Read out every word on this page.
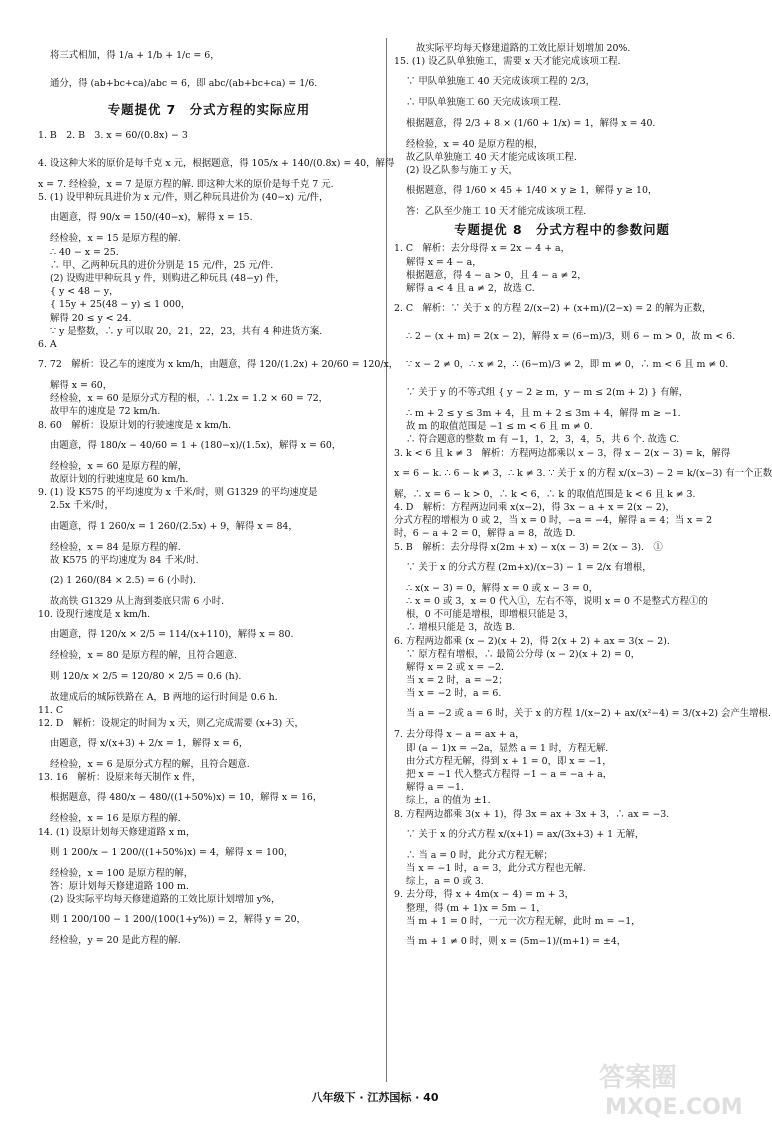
将三式相加，得 1/a + 1/b + 1/c = 6，
通分，得 (ab+bc+ca)/abc = 6，即 abc/(ab+bc+ca) = 1/6.
专题提优 7　分式方程的实际应用
1. B　2. B　3. x = 60/(0.8x) − 3
4. 设这种大米的原价是每千克 x 元，根据题意，得 105/x + 140/(0.8x) = 40，解得
x = 7. 经检验，x = 7 是原方程的解. 即这种大米的原价是每千克 7 元.
5. (1) 设甲种玩具进价为 x 元/件，则乙种玩具进价为 (40−x) 元/件，
由题意，得 90/x = 150/(40−x)，解得 x = 15.
经检验，x = 15 是原方程的解.
∴ 40 − x = 25.
∴ 甲、乙两种玩具的进价分别是 15 元/件，25 元/件.
(2) 设购进甲种玩具 y 件，则购进乙种玩具 (48−y) 件，
{ y < 48 − y，
{ 15y + 25(48 − y) ≤ 1 000，
解得 20 ≤ y < 24.
∵ y 是整数，∴ y 可以取 20，21，22，23，共有 4 种进货方案.
6. A
7. 72　解析：设乙车的速度为 x km/h，由题意，得 120/(1.2x) + 20/60 = 120/x，
解得 x = 60，
经检验，x = 60 是原分式方程的根，∴ 1.2x = 1.2 × 60 = 72，
故甲车的速度是 72 km/h.
8. 60　解析：设原计划的行驶速度是 x km/h.
由题意，得 180/x − 40/60 = 1 + (180−x)/(1.5x)，解得 x = 60，
经检验，x = 60 是原方程的解，
故原计划的行驶速度是 60 km/h.
9. (1) 设 K575 的平均速度为 x 千米/时，则 G1329 的平均速度是
2.5x 千米/时，
由题意，得 1 260/x = 1 260/(2.5x) + 9，解得 x = 84，
经检验，x = 84 是原方程的解.
故 K575 的平均速度为 84 千米/时.
(2) 1 260/(84 × 2.5) = 6 (小时).
故高铁 G1329 从上海到娄底只需 6 小时.
10. 设现行速度是 x km/h.
由题意，得 120/x × 2/5 = 114/(x+110)，解得 x = 80.
经检验，x = 80 是原方程的解，且符合题意.
则 120/x × 2/5 = 120/80 × 2/5 = 0.6 (h).
故建成后的城际铁路在 A，B 两地的运行时间是 0.6 h.
11. C
12. D　解析：设规定的时间为 x 天，则乙完成需要 (x+3) 天，
由题意，得 x/(x+3) + 2/x = 1，解得 x = 6，
经检验，x = 6 是原分式方程的解，且符合题意.
13. 16　解析：设原来每天制作 x 件，
根据题意，得 480/x − 480/((1+50%)x) = 10，解得 x = 16，
经检验，x = 16 是原方程的解.
14. (1) 设原计划每天修建道路 x m，
则 1 200/x − 1 200/((1+50%)x) = 4，解得 x = 100，
经检验，x = 100 是原方程的解，
答：原计划每天修建道路 100 m.
(2) 设实际平均每天修建道路的工效比原计划增加 y%，
则 1 200/100 − 1 200/(100(1+y%)) = 2，解得 y = 20，
经检验，y = 20 是此方程的解.
故实际平均每天修建道路的工效比原计划增加 20%.
15. (1) 设乙队单独施工，需要 x 天才能完成该项工程.
∵ 甲队单独施工 40 天完成该项工程的 2/3，
∴ 甲队单独施工 60 天完成该项工程.
根据题意，得 2/3 + 8 × (1/60 + 1/x) = 1，解得 x = 40.
经检验，x = 40 是原方程的根，
故乙队单独施工 40 天才能完成该项工程.
(2) 设乙队参与施工 y 天，
根据题意，得 1/60 × 45 + 1/40 × y ≥ 1，解得 y ≥ 10，
答：乙队至少施工 10 天才能完成该项工程.
专题提优 8　分式方程中的参数问题
1. C　解析：去分母得 x = 2x − 4 + a，
解得 x = 4 − a，
根据题意，得 4 − a > 0，且 4 − a ≠ 2，
解得 a < 4 且 a ≠ 2，故选 C.
2. C　解析：∵ 关于 x 的方程 2/(x−2) + (x+m)/(2−x) = 2 的解为正数，
∴ 2 − (x + m) = 2(x − 2)，解得 x = (6−m)/3，则 6 − m > 0，故 m < 6.
∵ x − 2 ≠ 0，∴ x ≠ 2，∴ (6−m)/3 ≠ 2，即 m ≠ 0，∴ m < 6 且 m ≠ 0.
∵ 关于 y 的不等式组 { y − 2 ≥ m，y − m ≤ 2(m + 2) } 有解，
∴ m + 2 ≤ y ≤ 3m + 4，且 m + 2 ≤ 3m + 4，解得 m ≥ −1.
故 m 的取值范围是 −1 ≤ m < 6 且 m ≠ 0.
∴ 符合题意的整数 m 有 −1，1，2，3，4，5，共 6 个. 故选 C.
3. k < 6 且 k ≠ 3　解析：方程两边都乘以 x − 3，得 x − 2(x − 3) = k，解得
x = 6 − k. ∴ 6 − k ≠ 3，∴ k ≠ 3. ∵ 关于 x 的方程 x/(x−3) − 2 = k/(x−3) 有一个正数
解，∴ x = 6 − k > 0，∴ k < 6，∴ k 的取值范围是 k < 6 且 k ≠ 3.
4. D　解析：方程两边同乘 x(x−2)，得 3x − a + x = 2(x − 2)，
分式方程的增根为 0 或 2，当 x = 0 时，−a = −4，解得 a = 4；当 x = 2
时，6 − a + 2 = 0，解得 a = 8，故选 D.
5. B　解析：去分母得 x(2m + x) − x(x − 3) = 2(x − 3).　①
∵ 关于 x 的分式方程 (2m+x)/(x−3) − 1 = 2/x 有增根，
∴ x(x − 3) = 0，解得 x = 0 或 x − 3 = 0，
∴ x = 0 或 3，x = 0 代入①，左右不等，说明 x = 0 不是整式方程①的
根，0 不可能是增根，即增根只能是 3，
∴ 增根只能是 3，故选 B.
6. 方程两边都乘 (x − 2)(x + 2)，得 2(x + 2) + ax = 3(x − 2).
∵ 原方程有增根，∴ 最简公分母 (x − 2)(x + 2) = 0，
解得 x = 2 或 x = −2.
当 x = 2 时，a = −2；
当 x = −2 时，a = 6.
当 a = −2 或 a = 6 时，关于 x 的方程 1/(x−2) + ax/(x²−4) = 3/(x+2) 会产生增根.
7. 去分母得 x − a = ax + a，
即 (a − 1)x = −2a，显然 a = 1 时，方程无解.
由分式方程无解，得到 x + 1 = 0，即 x = −1，
把 x = −1 代入整式方程得 −1 − a = −a + a，
解得 a = −1.
综上，a 的值为 ±1.
8. 方程两边都乘 3(x + 1)，得 3x = ax + 3x + 3，∴ ax = −3.
∵ 关于 x 的分式方程 x/(x+1) = ax/(3x+3) + 1 无解，
∴ 当 a = 0 时，此分式方程无解；
当 x = −1 时，a = 3，此分式方程也无解.
综上，a = 0 或 3.
9. 去分母，得 x + 4m(x − 4) = m + 3，
整理，得 (m + 1)x = 5m − 1，
当 m + 1 = 0 时，一元一次方程无解，此时 m = −1，
当 m + 1 ≠ 0 时，则 x = (5m−1)/(m+1) = ±4，
八年级下 · 江苏国标 · 40
答案圈
MXQE.COM
